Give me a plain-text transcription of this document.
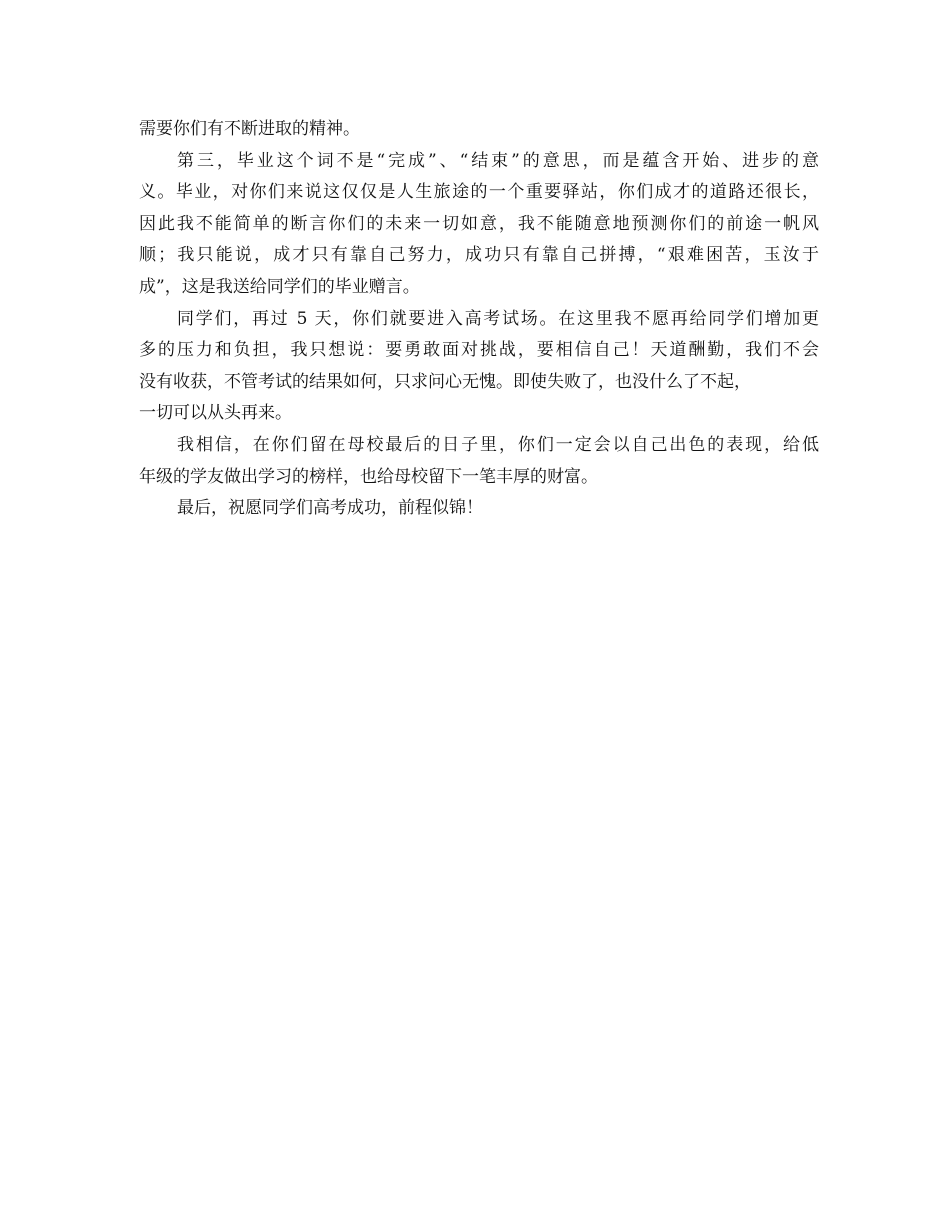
需要你们有不断进取的精神。
第三，毕业这个词不是“完成”、“结束”的意思，而是蕴含开始、进步的意
义。毕业，对你们来说这仅仅是人生旅途的一个重要驿站，你们成才的道路还很长，
因此我不能简单的断言你们的未来一切如意，我不能随意地预测你们的前途一帆风
顺；我只能说，成才只有靠自己努力，成功只有靠自己拼搏，“艰难困苦，玉汝于
成”，这是我送给同学们的毕业赠言。
同学们，再过 5 天，你们就要进入高考试场。在这里我不愿再给同学们增加更
多的压力和负担，我只想说：要勇敢面对挑战，要相信自己！天道酬勤，我们不会
没有收获，不管考试的结果如何，只求问心无愧。即使失败了，也没什么了不起，
一切可以从头再来。
我相信，在你们留在母校最后的日子里，你们一定会以自己出色的表现，给低
年级的学友做出学习的榜样，也给母校留下一笔丰厚的财富。
最后，祝愿同学们高考成功，前程似锦！
